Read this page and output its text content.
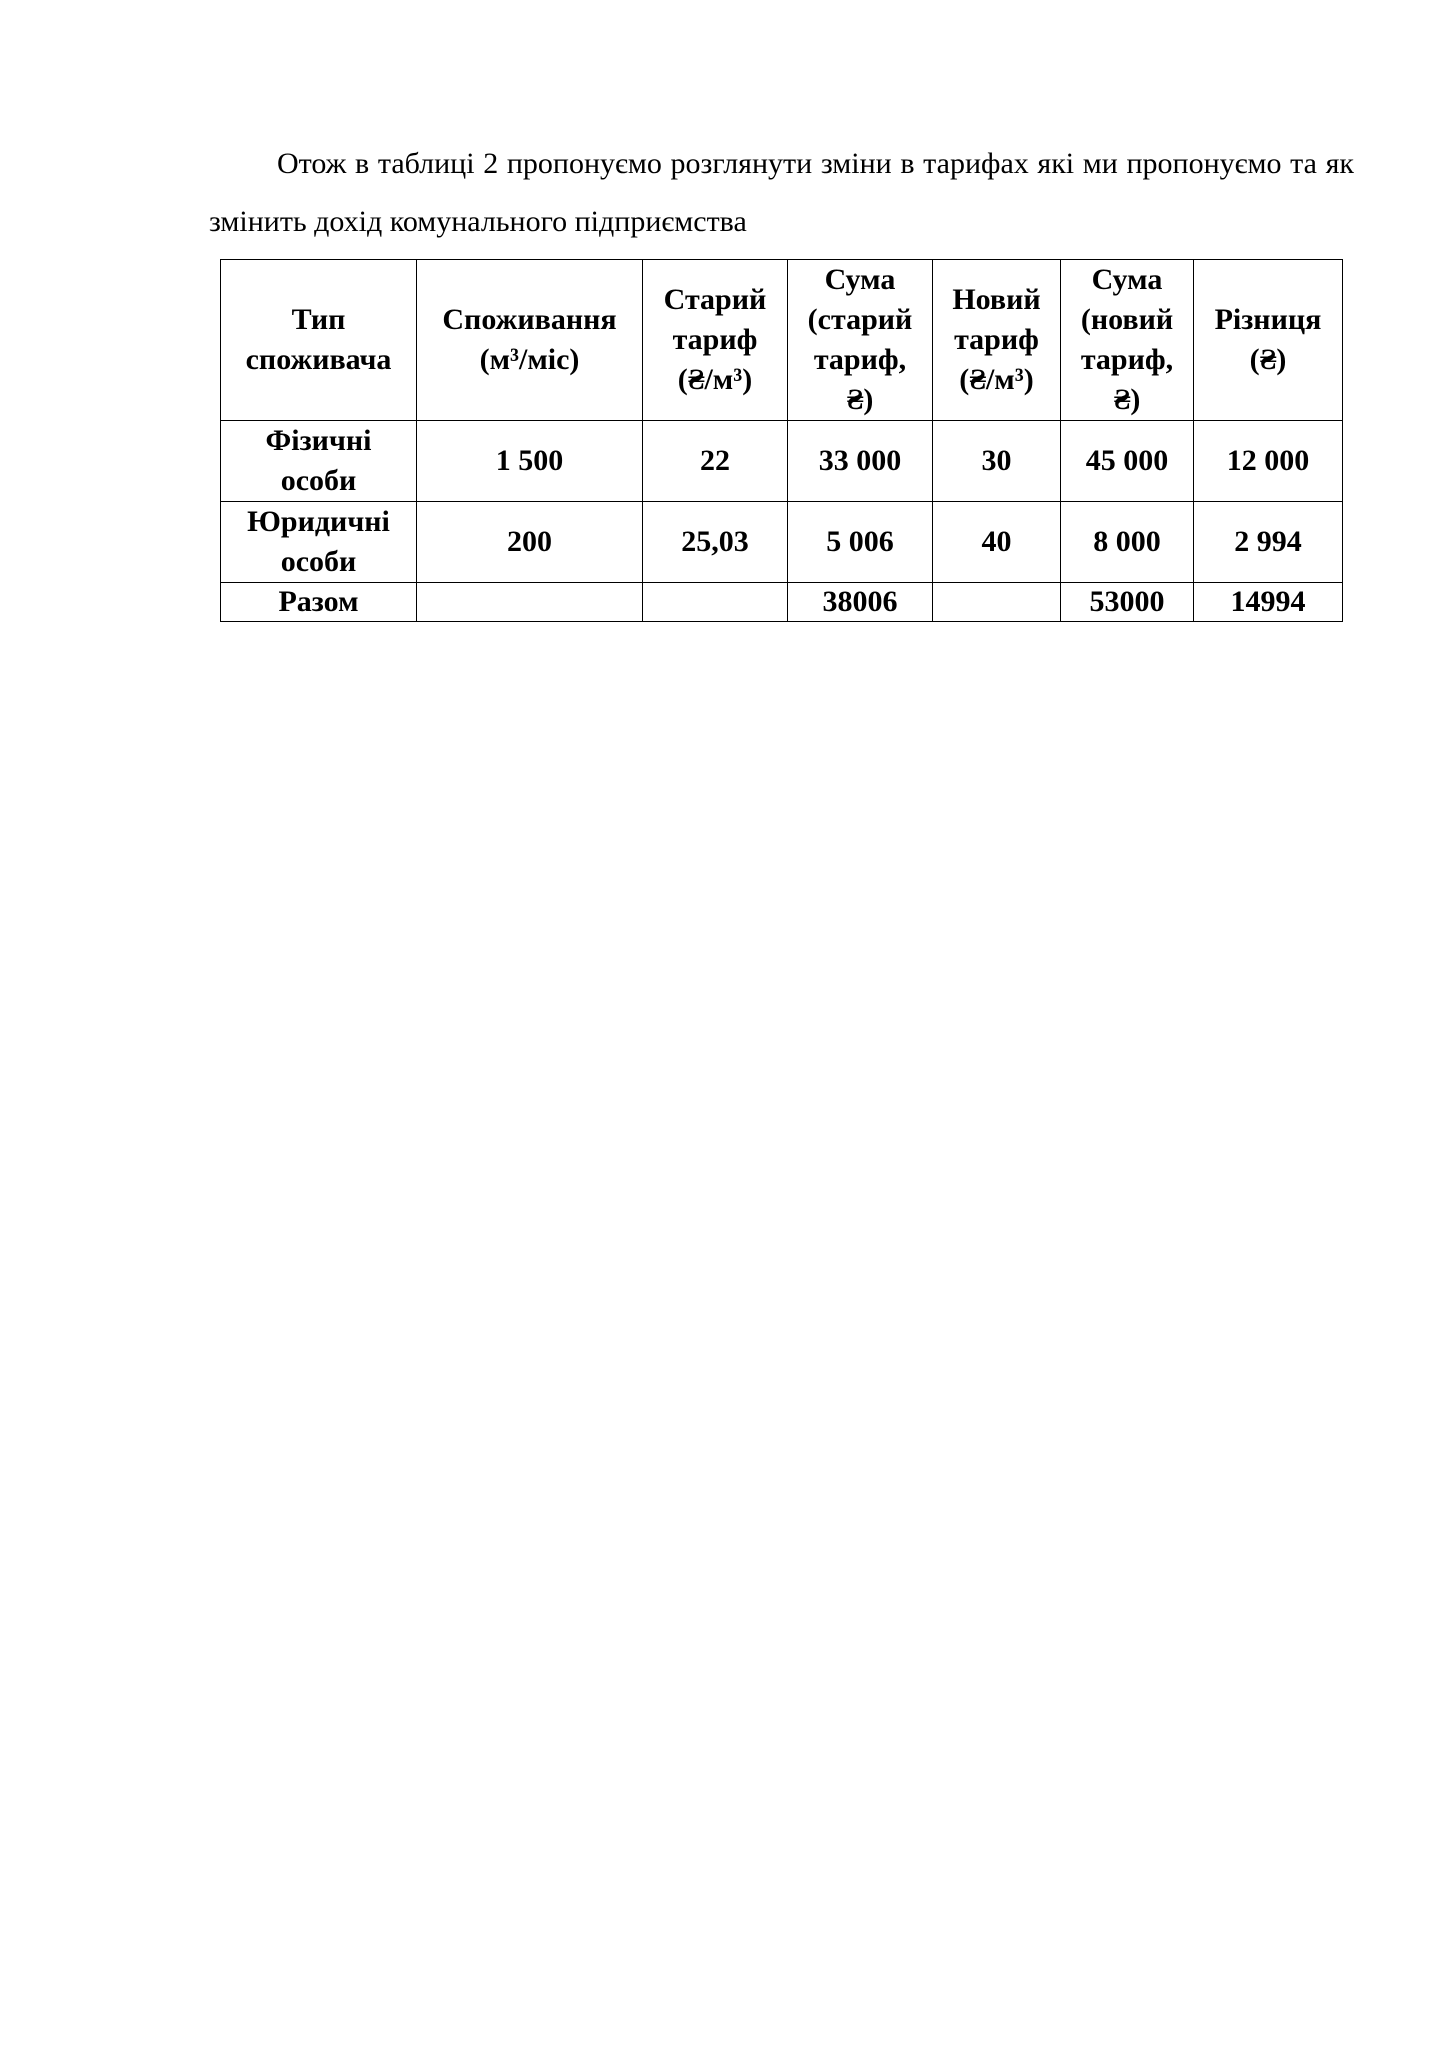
Отож в таблиці 2 пропонуємо розглянути зміни в тарифах які ми пропонуємо та як змінить дохід комунального підприємства

Тип
споживача	Споживання
(м³/міс)	Старий
тариф
(₴/м³)	Сума
(старий
тариф,
₴)	Новий
тариф
(₴/м³)	Сума
(новий
тариф,
₴)	Різниця
(₴)

Фізичні
особи	1 500	22	33 000	30	45 000	12 000

Юридичні
особи	200	25,03	5 006	40	8 000	2 994
Разом			38006		53000	14994
